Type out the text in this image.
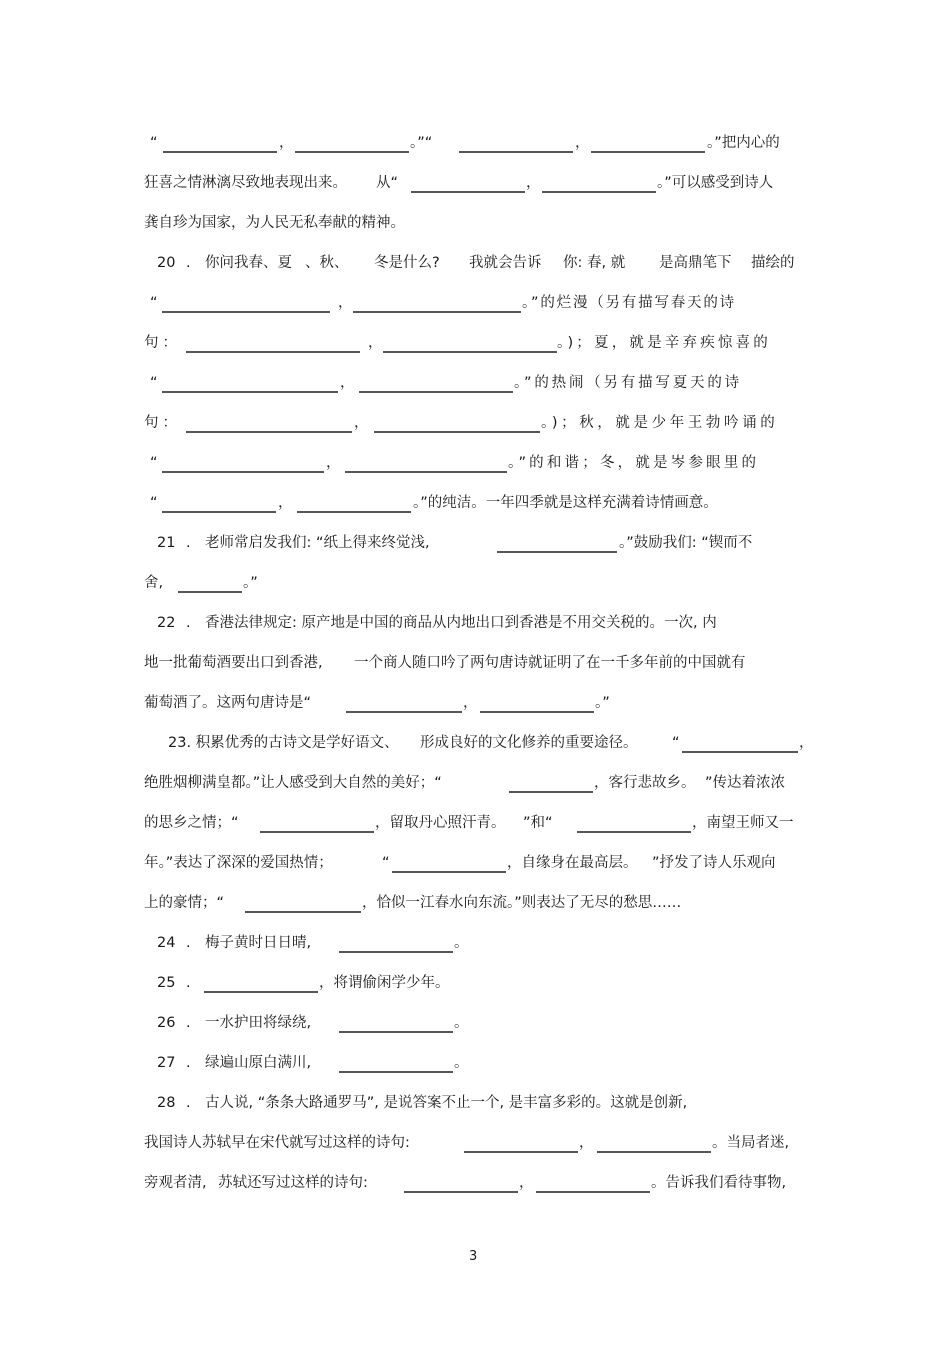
“

	，

	。”“

	，

	。”把内心的

狂喜之情淋漓尽致地表现出来。

从“

	，

	。”可以感受到诗人

龚自珍为国家，为人民无私奉献的精神。

20

.

你问我春、夏

、秋、

冬是什么?

我就会告诉

你: 春, 就

是高鼎笔下

描绘的

“

	，

	。”的烂漫（另有描写春天的诗

句：

	，

	。)；夏，就是辛弃疾惊喜的

“

	，

	。”的热闹（另有描写夏天的诗

句：

	，

	。)；秋，就是少年王勃吟诵的

“

	，

	。”的和谐；冬，就是岑参眼里的

“

	，

	。”的纯洁。一年四季就是这样充满着诗情画意。

21

.

老师常启发我们: “纸上得来终觉浅,

	。”鼓励我们: “锲而不

舍,

	。”

22

.

香港法律规定: 原产地是中国的商品从内地出口到香港是不用交关税的。一次, 内

地一批葡萄酒要出口到香港,

一个商人随口吟了两句唐诗就证明了在一千多年前的中国就有

葡萄酒了。这两句唐诗是“

	，

	。”

23. 积累优秀的古诗文是学好语文、

形成良好的文化修养的重要途径。

“

	，

绝胜烟柳满皇都。”让人感受到大自然的美好；“

	，客行悲故乡。

”传达着浓浓

的思乡之情；“

	，留取丹心照汗青。

”和“

	，南望王师又一

年。”表达了深深的爱国热情；

	“

	，自缘身在最高层。

”抒发了诗人乐观向

上的豪情；“

	，恰似一江春水向东流。”则表达了无尽的愁思……

24

.

梅子黄时日日晴,

	。

25

.

	，将谓偷闲学少年。

26

.

一水护田将绿绕,

	。

27

.

绿遍山原白满川,

	。

28

.

古人说, “条条大路通罗马”, 是说答案不止一个, 是丰富多彩的。这就是创新,

我国诗人苏轼早在宋代就写过这样的诗句:

	，

	。当局者迷,

旁观者清,

苏轼还写过这样的诗句:

	，

	。告诉我们看待事物,

3
